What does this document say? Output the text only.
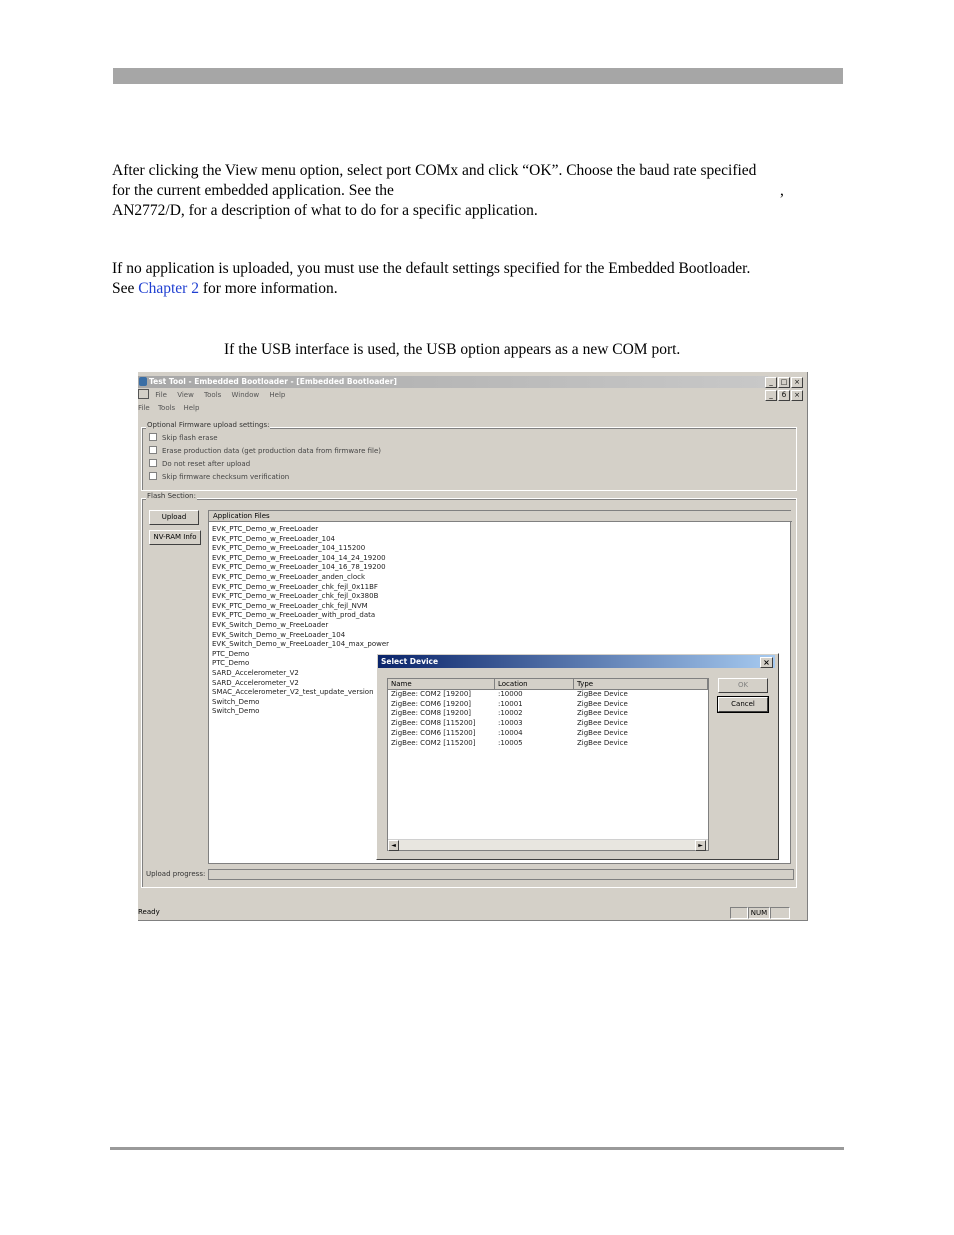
After clicking the View menu option, select port COMx and click “OK”. Choose the baud rate specified
for the current embedded application. See the	,
AN2772/D, for a description of what to do for a specific application.
If no application is uploaded, you must use the default settings specified for the Embedded Bootloader.
See Chapter 2 for more information.
If the USB interface is used, the USB option appears as a new COM port.
Test Tool - Embedded Bootloader - [Embedded Bootloader]	_	□ ×
File View Tools Window Help	_	б	×
File Tools Help
Optional Firmware upload settings:
Skip flash erase
Erase production data (get production data from firmware file)
Do not reset after upload
Skip firmware checksum verification
Flash Section:
Upload
NV-RAM Info
Application Files
EVK_PTC_Demo_w_FreeLoader
EVK_PTC_Demo_w_FreeLoader_104
EVK_PTC_Demo_w_FreeLoader_104_115200
EVK_PTC_Demo_w_FreeLoader_104_14_24_19200
EVK_PTC_Demo_w_FreeLoader_104_16_78_19200
EVK_PTC_Demo_w_FreeLoader_anden_clock
EVK_PTC_Demo_w_FreeLoader_chk_fejl_0x11BF
EVK_PTC_Demo_w_FreeLoader_chk_fejl_0x380B
EVK_PTC_Demo_w_FreeLoader_chk_fejl_NVM
EVK_PTC_Demo_w_FreeLoader_with_prod_data
EVK_Switch_Demo_w_FreeLoader
EVK_Switch_Demo_w_FreeLoader_104
EVK_Switch_Demo_w_FreeLoader_104_max_power
PTC_Demo
PTC_Demo
SARD_Accelerometer_V2
SARD_Accelerometer_V2
SMAC_Accelerometer_V2_test_update_version
Switch_Demo
Switch_Demo
Upload progress:
Ready	NUM
Select Device	×
Name	Location	Type
ZigBee: COM2 [19200]	:10000	ZigBee Device
ZigBee: COM6 [19200]	:10001	ZigBee Device
ZigBee: COM8 [19200]	:10002	ZigBee Device
ZigBee: COM8 [115200]	:10003	ZigBee Device
ZigBee: COM6 [115200]	:10004	ZigBee Device
ZigBee: COM2 [115200]	:10005	ZigBee Device
◄	►
OK
Cancel
